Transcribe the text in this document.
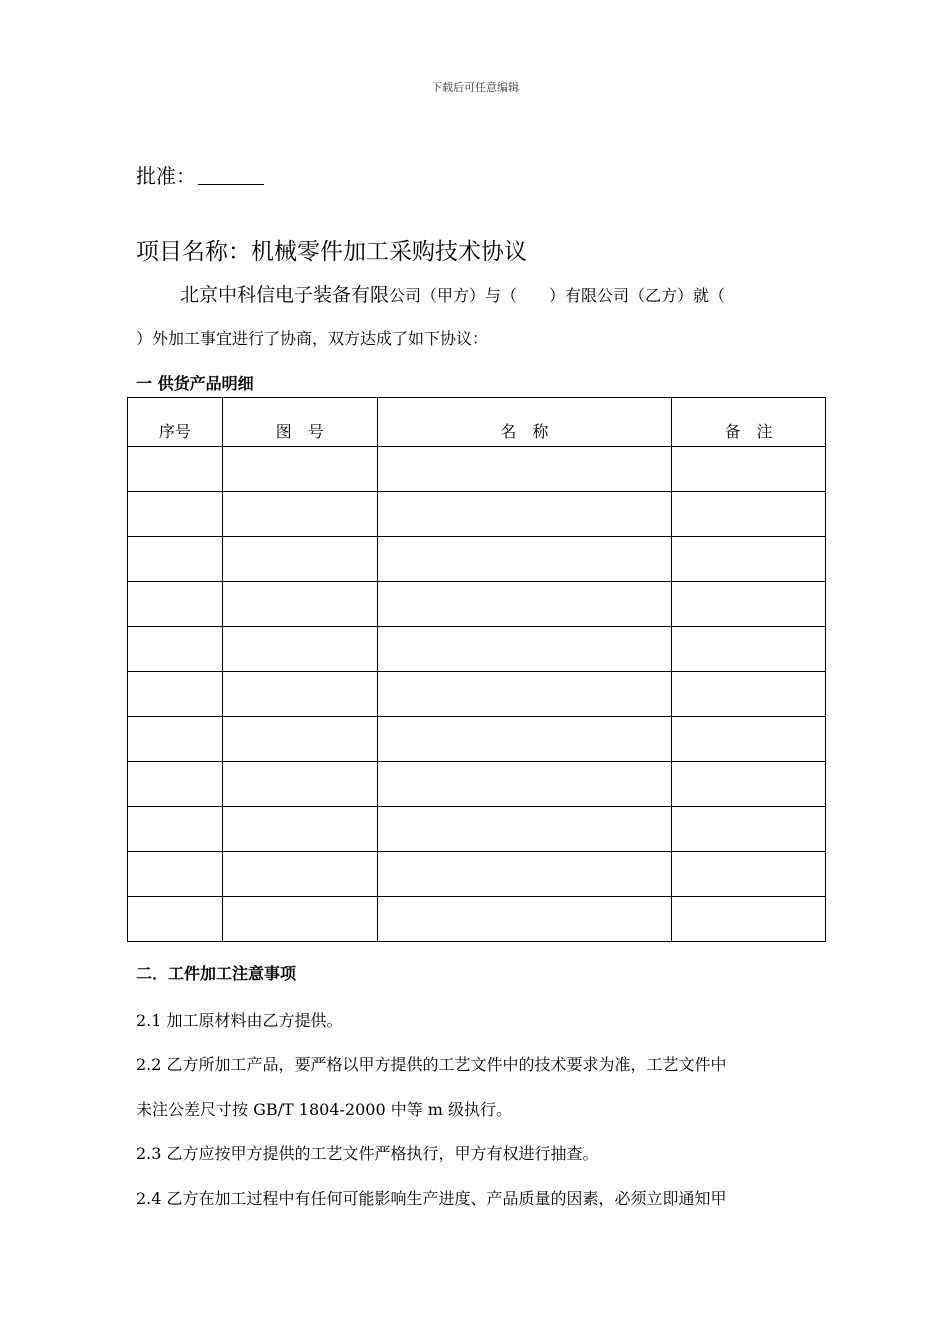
下载后可任意编辑
批准：
项目名称：机械零件加工采购技术协议
北京中科信电子装备有限公司（甲方）与（　　）有限公司（乙方）就（
）外加工事宜进行了协商，双方达成了如下协议：
一 供货产品明细
序号	图　号	名　称	备　注

二．工件加工注意事项
2.1 加工原材料由乙方提供。
2.2 乙方所加工产品，要严格以甲方提供的工艺文件中的技术要求为准，工艺文件中
未注公差尺寸按 GB/T 1804-2000 中等 m 级执行。
2.3 乙方应按甲方提供的工艺文件严格执行，甲方有权进行抽查。
2.4 乙方在加工过程中有任何可能影响生产进度、产品质量的因素，必须立即通知甲
